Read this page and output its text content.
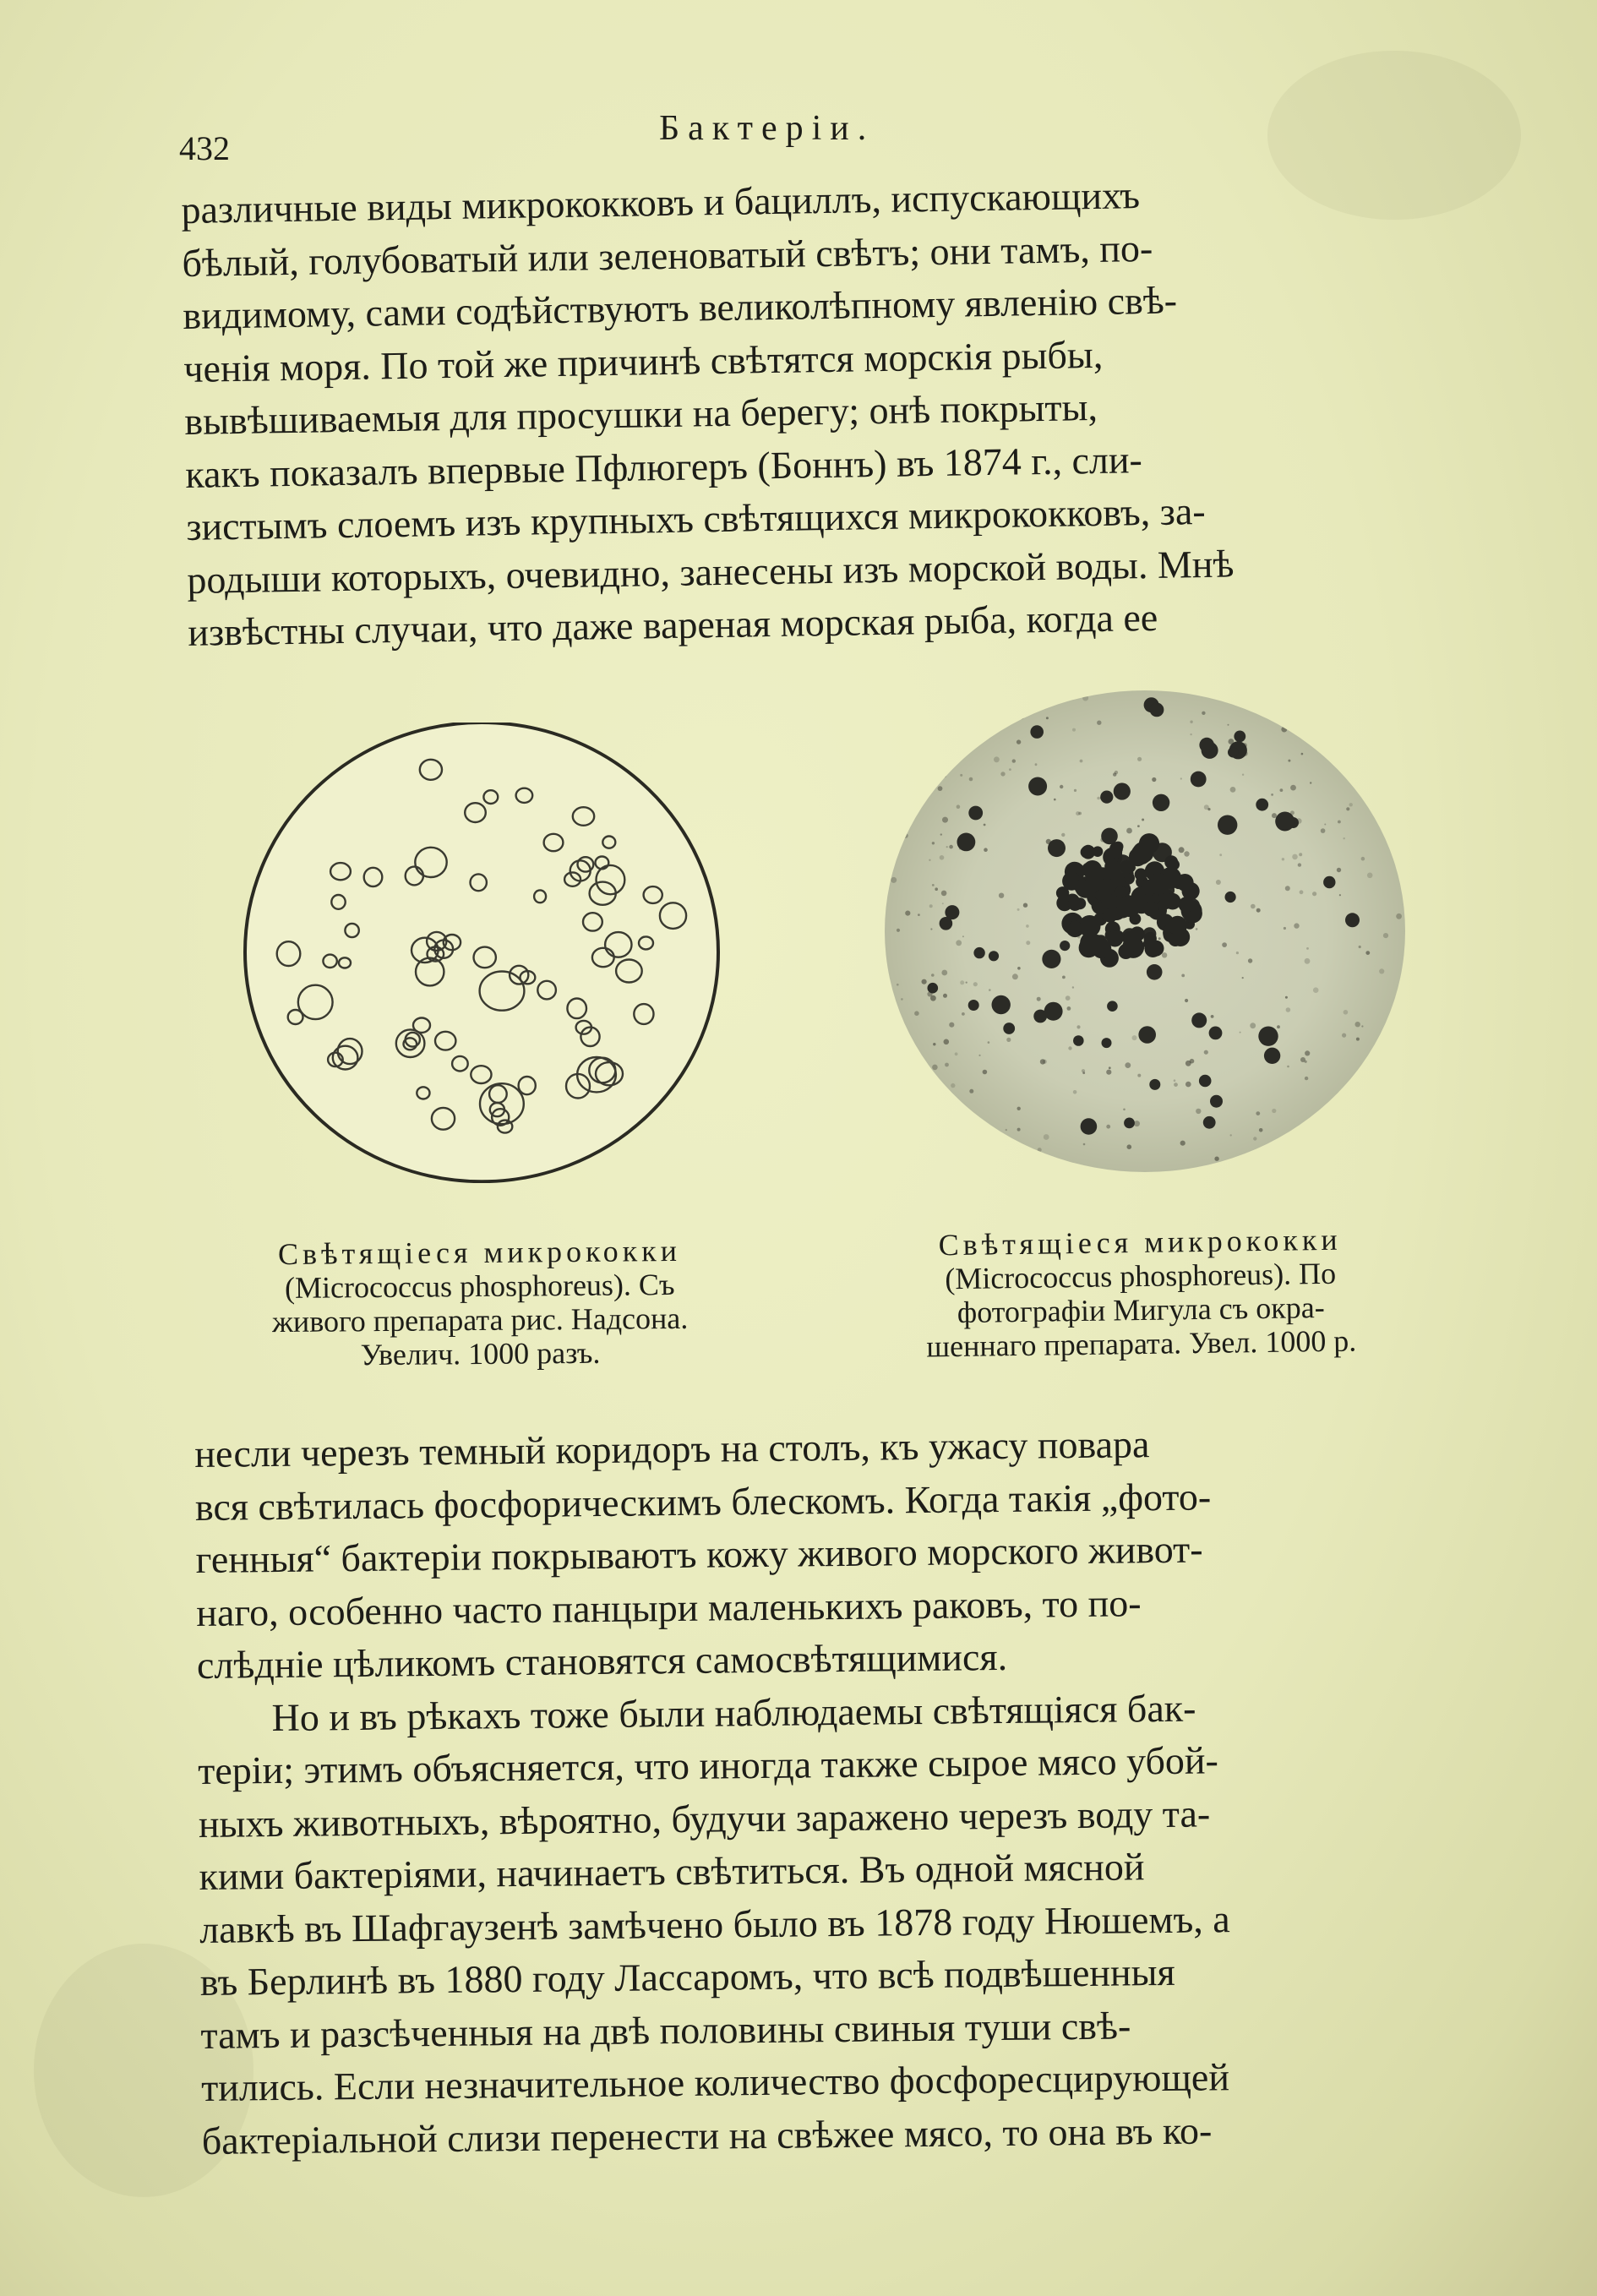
432
Бактерiи.
различные виды микрококковъ и бациллъ, испускающихъ
бѣлый, голубоватый или зеленоватый свѣтъ; они тамъ, по-
видимому, сами содѣйствуютъ великолѣпному явленiю свѣ-
ченiя моря. По той же причинѣ свѣтятся морскiя рыбы,
вывѣшиваемыя для просушки на берегу; онѣ покрыты,
какъ показалъ впервые Пфлюгеръ (Боннъ) въ 1874 г., сли-
зистымъ слоемъ изъ крупныхъ свѣтящихся микрококковъ, за-
родыши которыхъ, очевидно, занесены изъ морской воды. Мнѣ
извѣстны случаи, что даже вареная морская рыба, когда ее
Свѣтящiеся микрококки
(Micrococcus phosphoreus). Съ
живого препарата рис. Надсона.
Увелич. 1000 разъ.
Свѣтящiеся микрококки
(Micrococcus phosphoreus). По
фотографiи Мигула съ окра-
шеннаго препарата. Увел. 1000 р.
несли черезъ темный коридоръ на столъ, къ ужасу повара
вся свѣтилась фосфорическимъ блескомъ. Когда такiя „фото-
генныя“ бактерiи покрываютъ кожу живого морского живот-
наго, особенно часто панцыри маленькихъ раковъ, то по-
слѣднiе цѣликомъ становятся самосвѣтящимися.
Но и въ рѣкахъ тоже были наблюдаемы свѣтящiяся бак-
терiи; этимъ объясняется, что иногда также сырое мясо убой-
ныхъ животныхъ, вѣроятно, будучи заражено черезъ воду та-
кими бактерiями, начинаетъ свѣтиться. Въ одной мясной
лавкѣ въ Шафгаузенѣ замѣчено было въ 1878 году Нюшемъ, а
въ Берлинѣ въ 1880 году Лассаромъ, что всѣ подвѣшенныя
тамъ и разсѣченныя на двѣ половины свиныя туши свѣ-
тились. Если незначительное количество фосфоресцирующей
бактерiальной слизи перенести на свѣжее мясо, то она въ ко-
